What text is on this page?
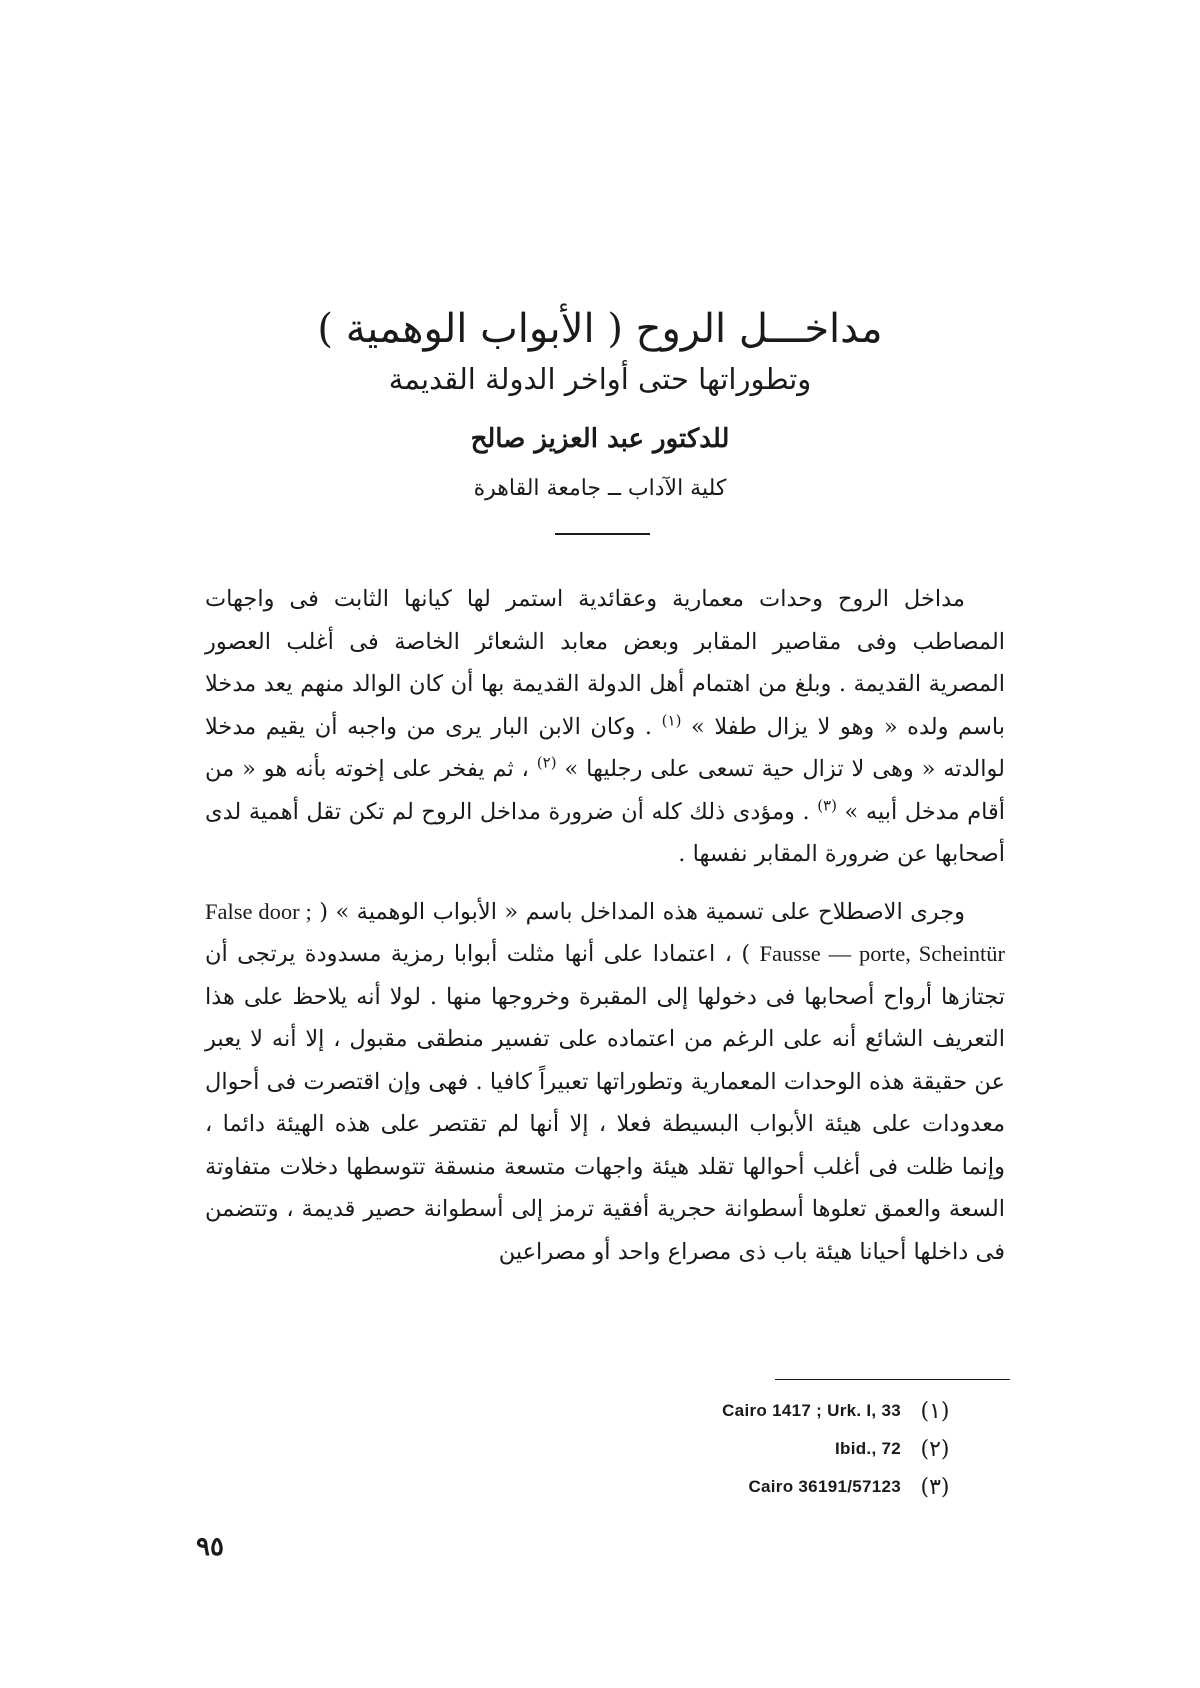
مداخـــل الروح ( الأبواب الوهمية )
وتطوراتها حتى أواخر الدولة القديمة
للدكتور عبد العزيز صالح
كلية الآداب ــ جامعة القاهرة

مداخل الروح وحدات معمارية وعقائدية استمر لها كيانها الثابت فى واجهات المصاطب وفى مقاصير المقابر وبعض معابد الشعائر الخاصة فى أغلب العصور المصرية القديمة . وبلغ من اهتمام أهل الدولة القديمة بها أن كان الوالد منهم يعد مدخلا باسم ولده « وهو لا يزال طفلا » $^{(١)}$ . وكان الابن البار يرى من واجبه أن يقيم مدخلا لوالدته « وهى لا تزال حية تسعى على رجليها » $^{(٢)}$ ، ثم يفخر على إخوته بأنه هو « من أقام مدخل أبيه » $^{(٣)}$ . ومؤدى ذلك كله أن ضرورة مداخل الروح لم تكن تقل أهمية لدى أصحابها عن ضرورة المقابر نفسها .

وجرى الاصطلاح على تسمية هذه المداخل باسم « الأبواب الوهمية » ( False door ; Fausse — porte, Scheintür ) ، اعتمادا على أنها مثلت أبوابا رمزية مسدودة يرتجى أن تجتازها أرواح أصحابها فى دخولها إلى المقبرة وخروجها منها . لولا أنه يلاحظ على هذا التعريف الشائع أنه على الرغم من اعتماده على تفسير منطقى مقبول ، إلا أنه لا يعبر عن حقيقة هذه الوحدات المعمارية وتطوراتها تعبيراً كافيا . فهى وإن اقتصرت فى أحوال معدودات على هيئة الأبواب البسيطة فعلا ، إلا أنها لم تقتصر على هذه الهيئة دائما ، وإنما ظلت فى أغلب أحوالها تقلد هيئة واجهات متسعة منسقة تتوسطها دخلات متفاوتة السعة والعمق تعلوها أسطوانة حجرية أفقية ترمز إلى أسطوانة حصير قديمة ، وتتضمن فى داخلها أحيانا هيئة باب ذى مصراع واحد أو مصراعين

(١)
Cairo 1417 ; Urk. I, 33
(٢)
Ibid., 72
(٣)
Cairo 36191/57123
٩٥
